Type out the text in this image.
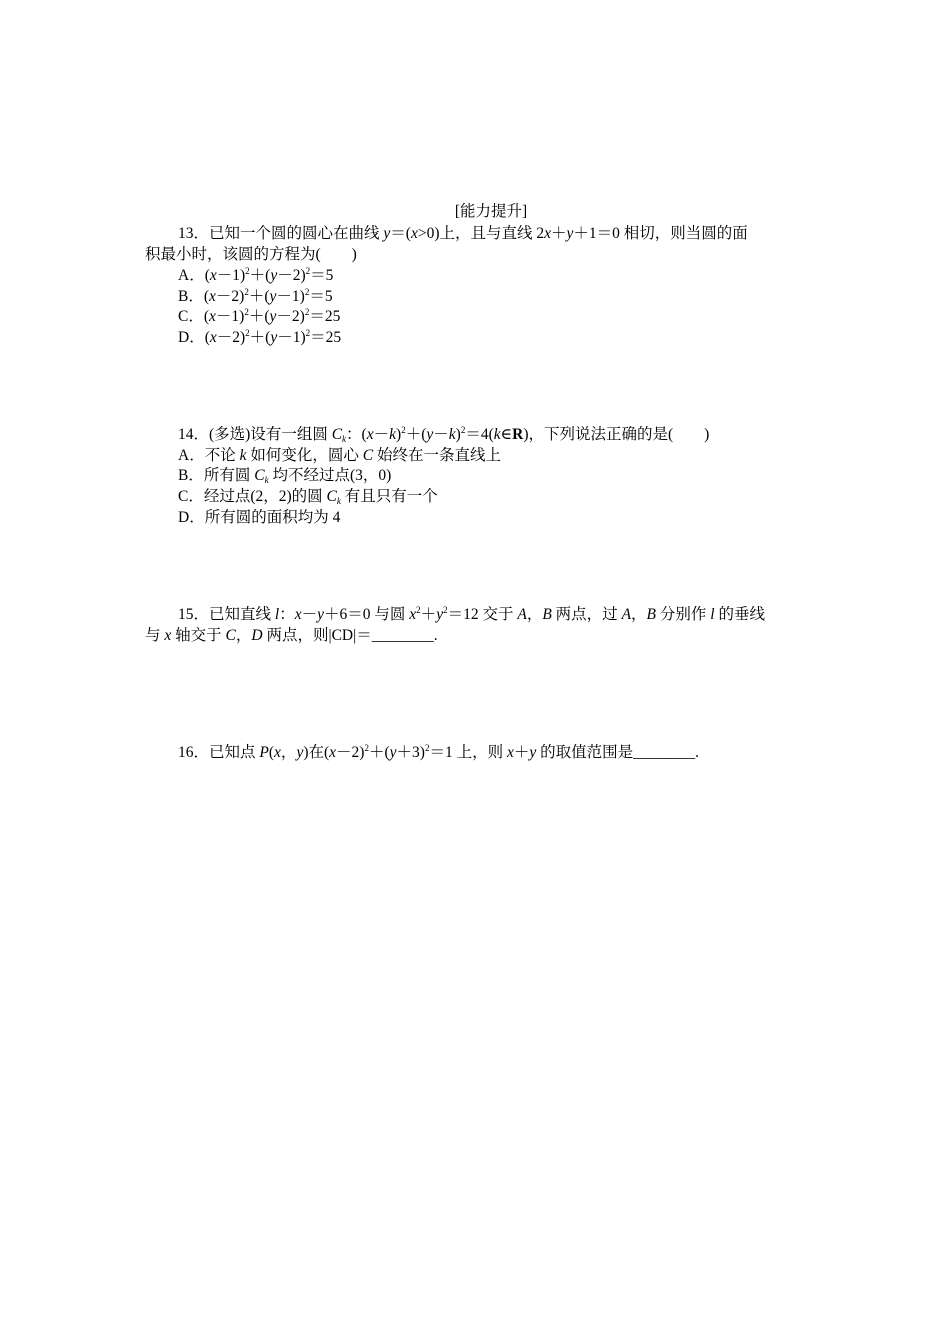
[能力提升]
13．已知一个圆的圆心在曲线 y＝(x>0)上，且与直线 2x＋y＋1＝0 相切，则当圆的面
积最小时，该圆的方程为(　　)
A．$(x-1)^2+(y-2)^2=5$
B．$(x-2)^2+(y-1)^2=5$
C．$(x-1)^2+(y-2)^2=25$
D．$(x-2)^2+(y-1)^2=25$
14．(多选)设有一组圆 $C_k$：$(x-k)^2+(y-k)^2=4(k\in R)$，下列说法正确的是(　　)
A．不论 k 如何变化，圆心 C 始终在一条直线上
B．所有圆 $C_k$ 均不经过点(3，0)
C．经过点(2，2)的圆 $C_k$ 有且只有一个
D．所有圆的面积均为 4
15．已知直线 l：x－y＋6＝0 与圆 $x^2+y^2=12$ 交于 A，B 两点，过 A，B 分别作 l 的垂线
与 x 轴交于 C，D 两点，则|CD|＝________.
16．已知点 P(x，y)在$(x-2)^2+(y+3)^2=1$ 上，则 x＋y 的取值范围是________.
